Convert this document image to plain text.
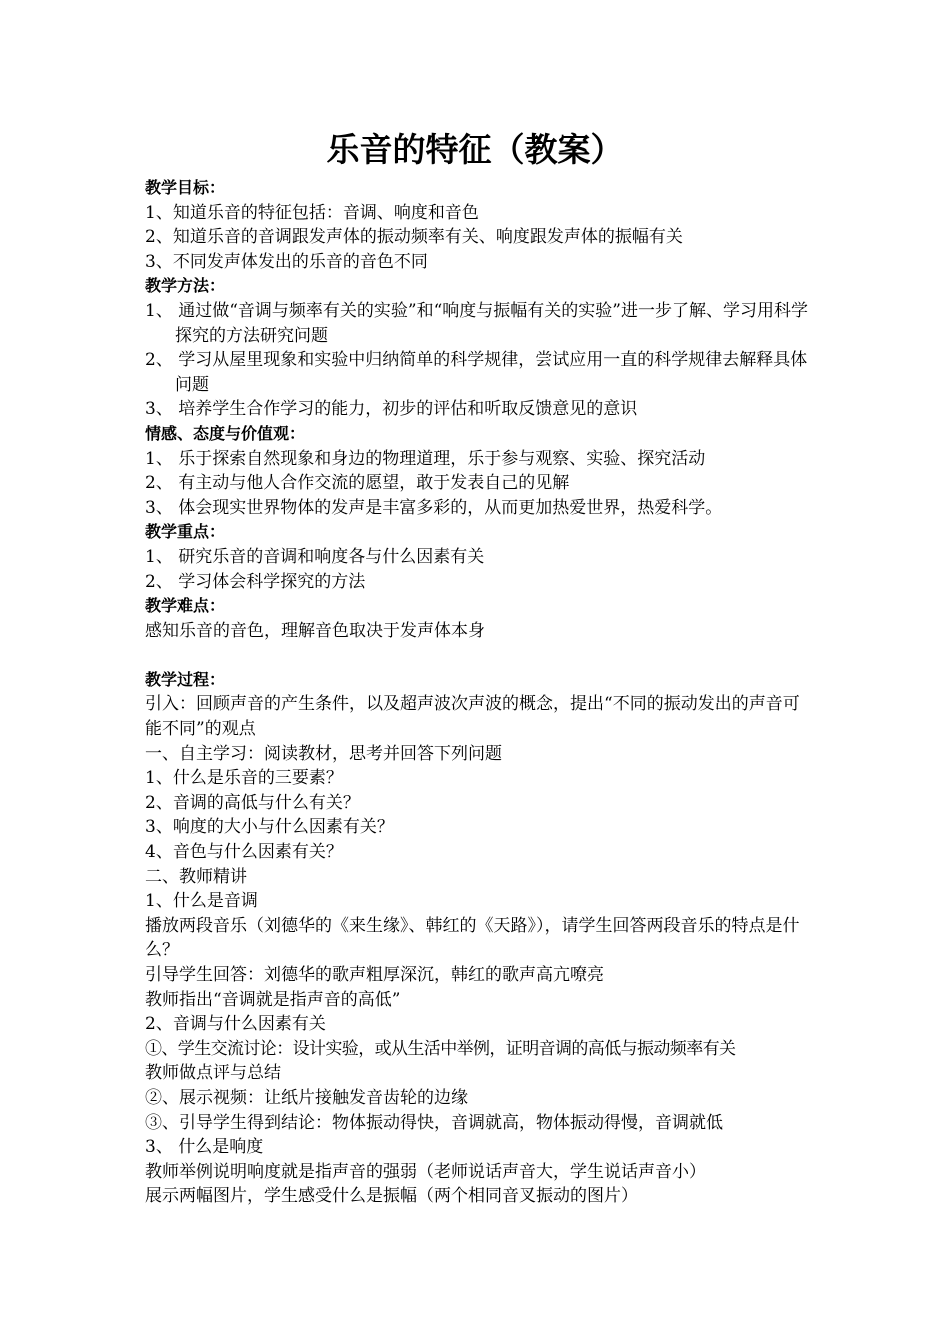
乐音的特征（教案）
教学目标：
1、知道乐音的特征包括：音调、响度和音色
2、知道乐音的音调跟发声体的振动频率有关、响度跟发声体的振幅有关
3、不同发声体发出的乐音的音色不同
教学方法：
1、 通过做“音调与频率有关的实验”和“响度与振幅有关的实验”进一步了解、学习用科学探究的方法研究问题
2、 学习从屋里现象和实验中归纳简单的科学规律，尝试应用一直的科学规律去解释具体问题
3、 培养学生合作学习的能力，初步的评估和听取反馈意见的意识
情感、态度与价值观：
1、 乐于探索自然现象和身边的物理道理，乐于参与观察、实验、探究活动
2、 有主动与他人合作交流的愿望，敢于发表自己的见解
3、 体会现实世界物体的发声是丰富多彩的，从而更加热爱世界，热爱科学。
教学重点：
1、 研究乐音的音调和响度各与什么因素有关
2、 学习体会科学探究的方法
教学难点：
感知乐音的音色，理解音色取决于发声体本身
教学过程：
引入：回顾声音的产生条件，以及超声波次声波的概念，提出“不同的振动发出的声音可能不同”的观点
一、自主学习：阅读教材，思考并回答下列问题
1、什么是乐音的三要素？
2、音调的高低与什么有关？
3、响度的大小与什么因素有关？
4、音色与什么因素有关？
二、教师精讲
1、什么是音调
播放两段音乐（刘德华的《来生缘》、韩红的《天路》），请学生回答两段音乐的特点是什么？
引导学生回答：刘德华的歌声粗厚深沉，韩红的歌声高亢嘹亮
教师指出“音调就是指声音的高低”
2、音调与什么因素有关
①、学生交流讨论：设计实验，或从生活中举例，证明音调的高低与振动频率有关
教师做点评与总结
②、展示视频：让纸片接触发音齿轮的边缘
③、引导学生得到结论：物体振动得快，音调就高，物体振动得慢，音调就低
3、 什么是响度
教师举例说明响度就是指声音的强弱（老师说话声音大，学生说话声音小）
展示两幅图片，学生感受什么是振幅（两个相同音叉振动的图片）
